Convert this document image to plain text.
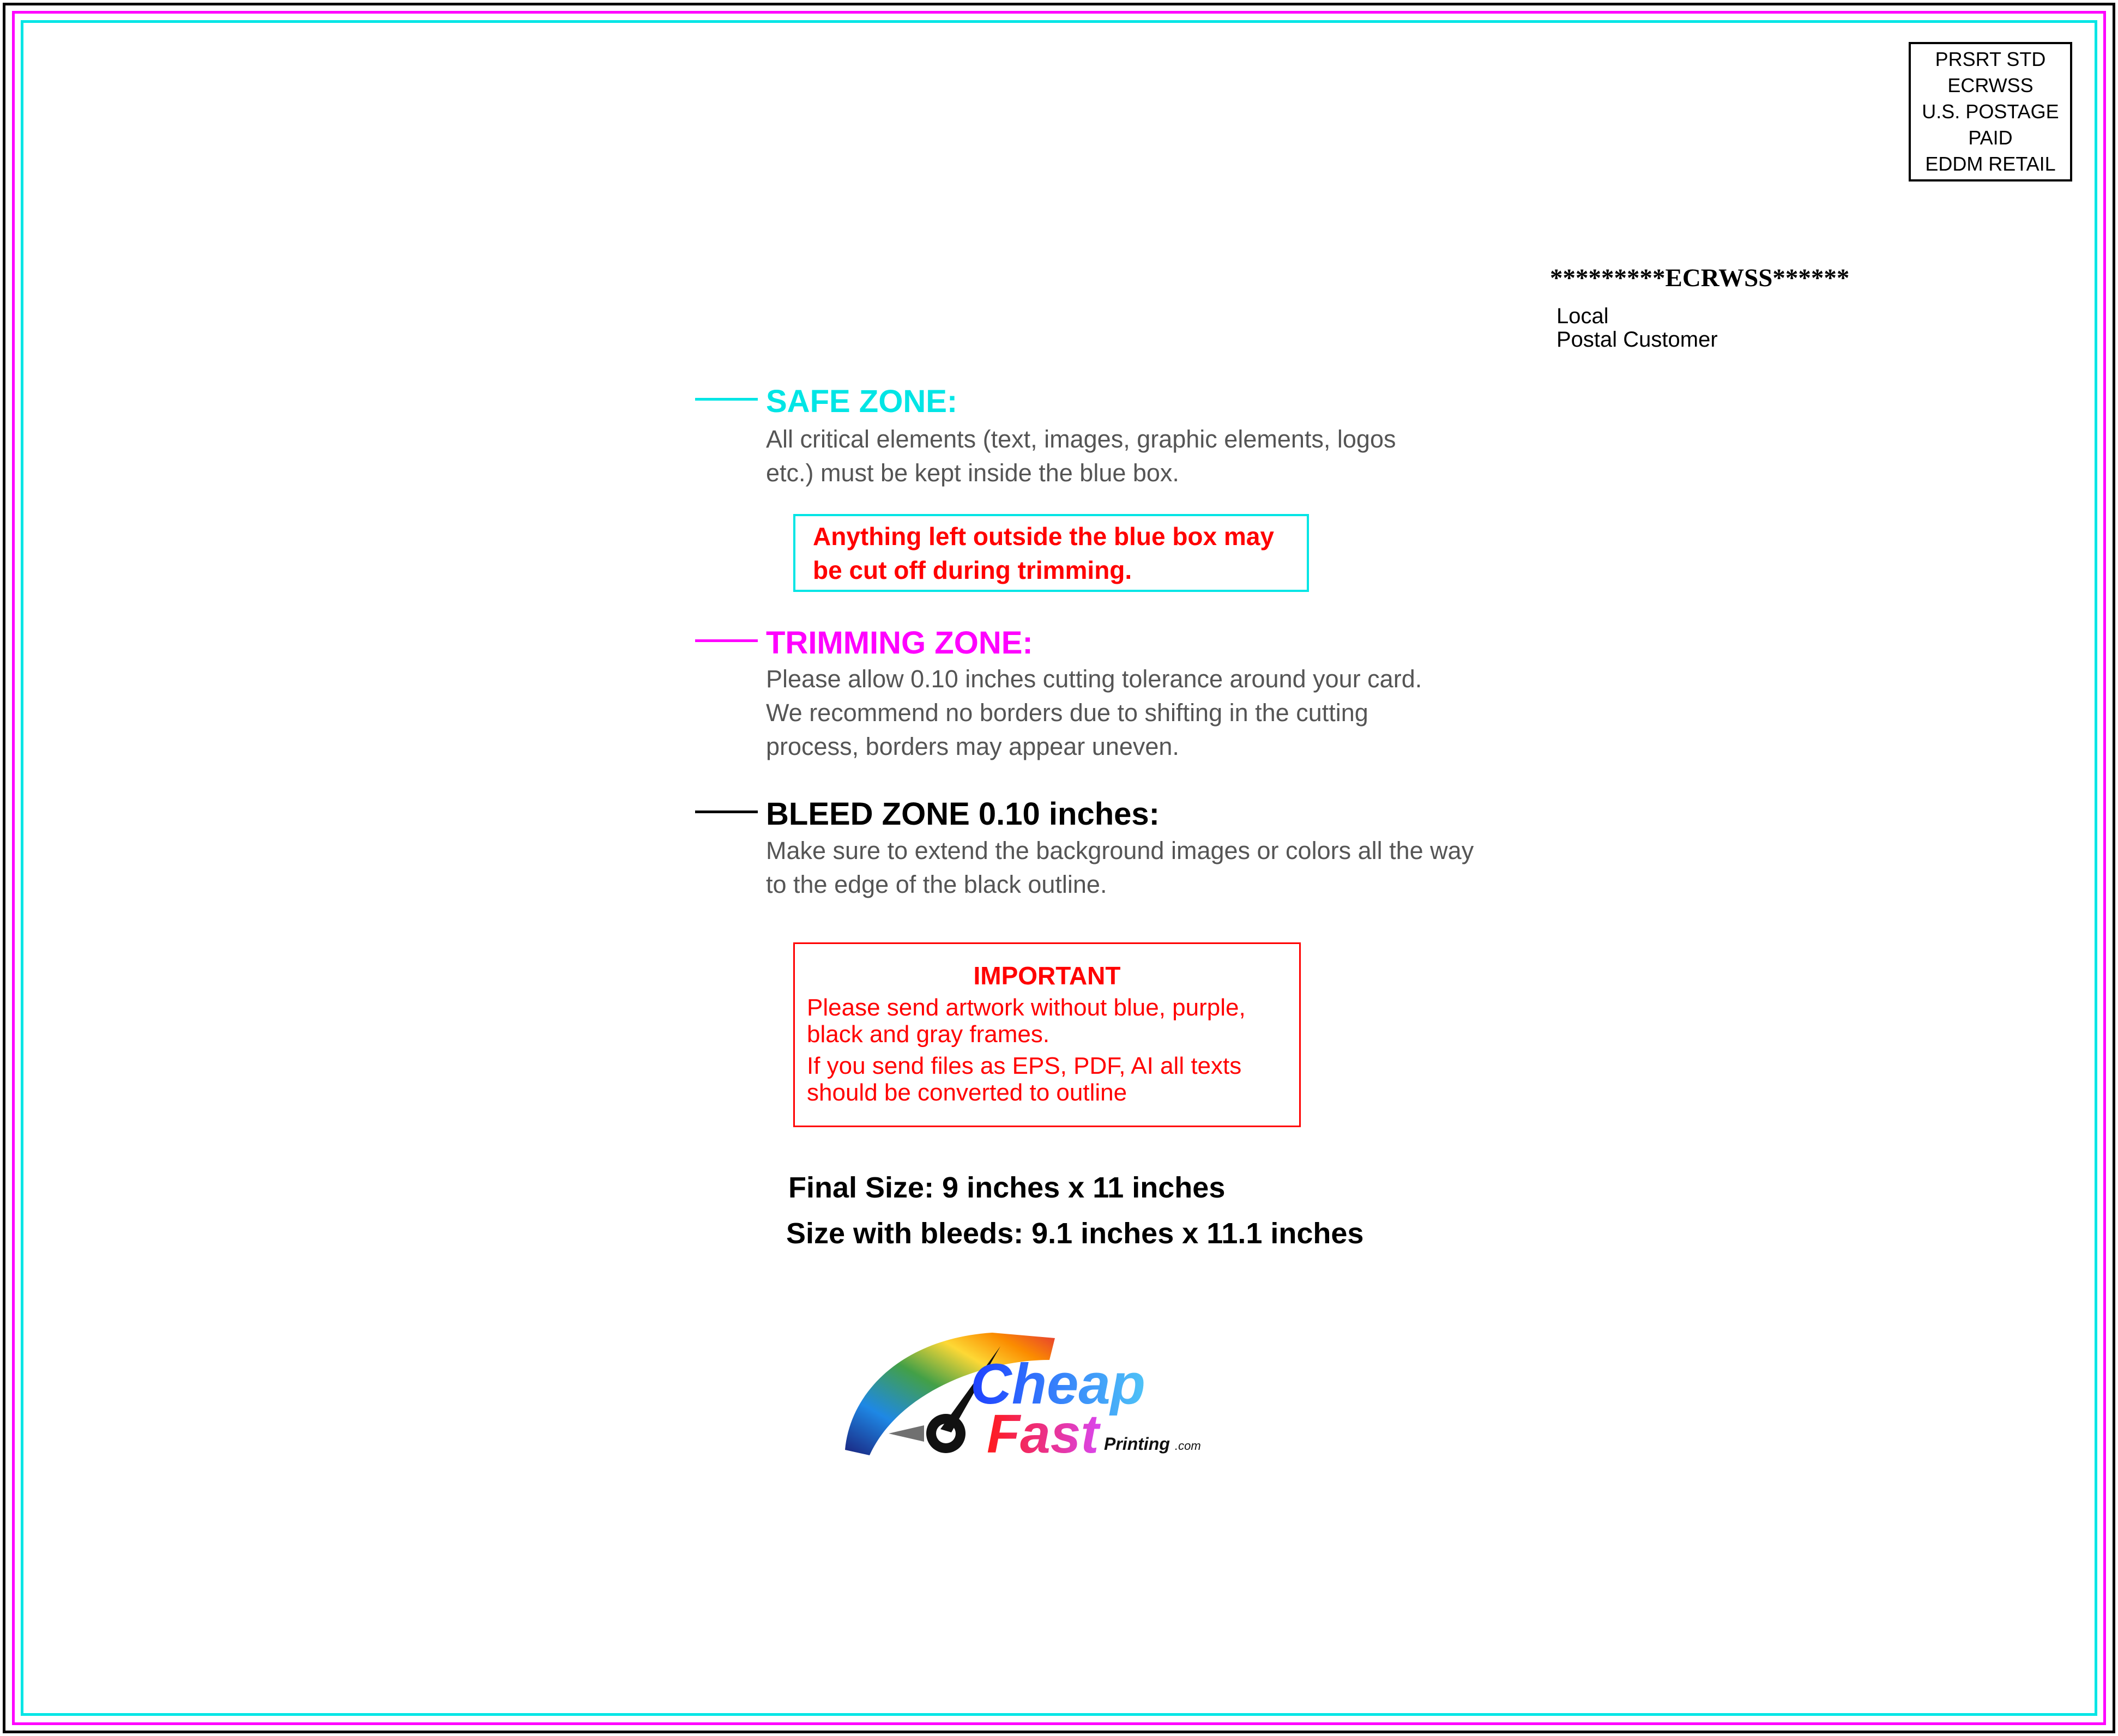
PRSRT STD
ECRWSS
U.S. POSTAGE
PAID
EDDM RETAIL
*********ECRWSS******
Local
Postal Customer
SAFE ZONE:
All critical elements (text, images, graphic elements, logos etc.) must be kept inside the blue box.
Anything left outside the blue box may
be cut off during trimming.
TRIMMING ZONE:
Please allow 0.10 inches cutting tolerance around your card. We recommend no borders due to shifting in the cutting process, borders may appear uneven.
BLEED ZONE 0.10 inches:
Make sure to extend the background images or colors all the way to the edge of the black outline.
IMPORTANT
Please send artwork without blue, purple, black and gray frames.
If you send files as EPS, PDF, AI all texts should be converted to outline
Final Size: 9 inches x 11 inches
Size with bleeds: 9.1 inches x 11.1 inches
Cheap
Fast Printing .com
